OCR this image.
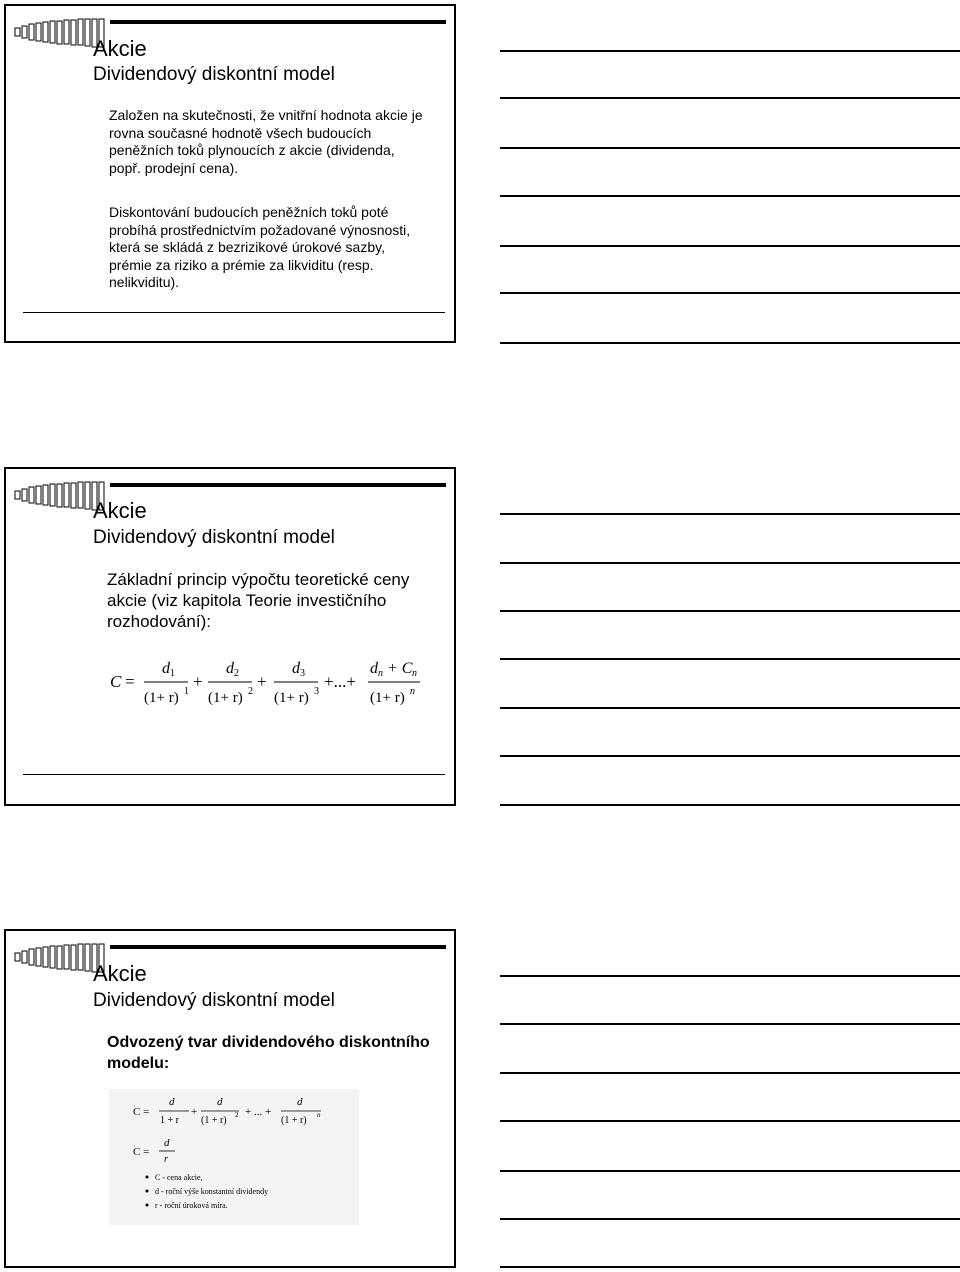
Akcie
Dividendový diskontní model
Založen na skutečnosti, že vnitřní hodnota akcie je rovna současné hodnotě všech budoucích peněžních toků plynoucích z akcie (dividenda, popř. prodejní cena).
Diskontování budoucích peněžních toků poté probíhá prostřednictvím požadované výnosnosti, která se skládá z bezrizikové úrokové sazby, prémie za riziko a prémie za likviditu (resp. nelikviditu).
Akcie
Dividendový diskontní model
Základní princip výpočtu teoretické ceny akcie (viz kapitola Teorie investičního rozhodování):
C =
d 1
(1+ r) 1
+
d 2
(1+ r) 2
+
d 3
(1+ r) 3
+...+
d n + C n
(1+ r) n
Akcie
Dividendový diskontní model
Odvozený tvar dividendového diskontního modelu:
C =
d
1 + r
+
d
(1 + r) 2 + ... +
d
(1 + r) n
C =
d
r
C - cena akcie,
d - roční výše konstantní dividendy
r - roční úroková míra.
